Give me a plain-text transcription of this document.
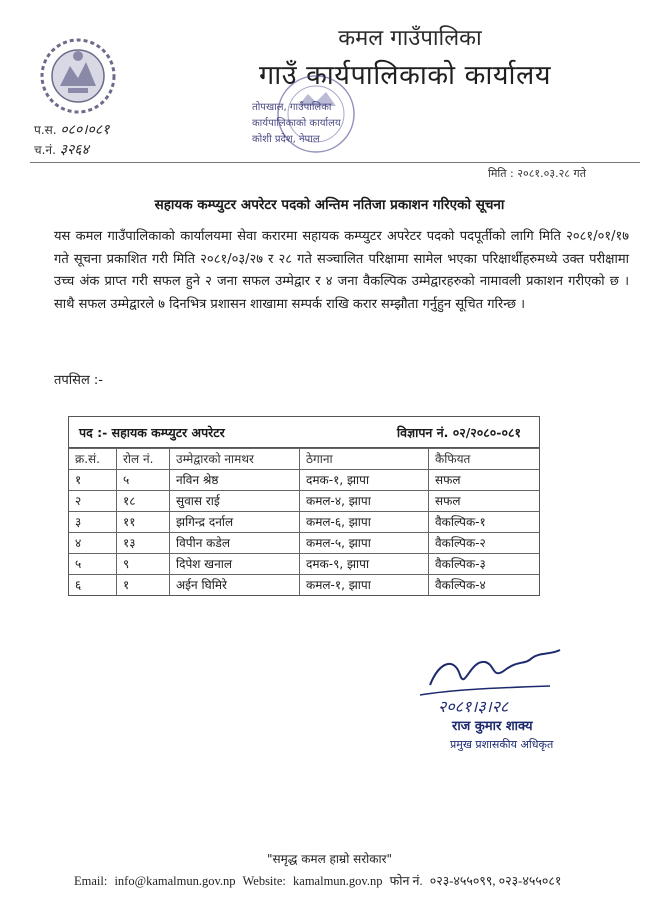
कमल गाउँपालिका
गाउँ कार्यपालिकाको कार्यालय
तोपखाल, गाउँपालिका
कार्यपालिकाको कार्यालय
कोशी प्रदेश, नेपाल
प.स. ०८०।०८१
च.नं. ३२६४
मिति : २०८१.०३.२८ गते
सहायक कम्प्युटर अपरेटर पदको अन्तिम नतिजा प्रकाशन गरिएको सूचना
यस कमल गाउँपालिकाको कार्यालयमा सेवा करारमा सहायक कम्प्युटर अपरेटर पदको पदपूर्तीको लागि मिति २०८१/०१/१७ गते सूचना प्रकाशित गरी मिति २०८१/०३/२७ र २८ गते सञ्चालित परिक्षामा सामेल भएका परिक्षार्थीहरुमध्ये उक्त परीक्षामा उच्च अंक प्राप्त गरी सफल हुने २ जना सफल उम्मेद्वार र ४ जना वैकल्पिक उम्मेद्वारहरुको नामावली प्रकाशन गरीएको छ । साथै सफल उम्मेद्वारले ७ दिनभित्र प्रशासन शाखामा सम्पर्क राखि करार सम्झौता गर्नुहुन सूचित गरिन्छ ।
तपसिल :-
पद :- सहायक कम्प्युटर अपरेटर	विज्ञापन नं. ०२/२०८०-०८१
क्र.सं.	रोल नं.	उम्मेद्वारको नामथर	ठेगाना	कैफियत
१	५	नविन श्रेष्ठ	दमक-१, झापा	सफल
२	१८	सुवास राई	कमल-४, झापा	सफल
३	११	झगिन्द्र दर्नाल	कमल-६, झापा	वैकल्पिक-१
४	१३	विपीन कडेल	कमल-५, झापा	वैकल्पिक-२
५	९	दिपेश खनाल	दमक-९, झापा	वैकल्पिक-३
६	१	अईन घिमिरे	कमल-१, झापा	वैकल्पिक-४
२०८१।३।२८
राज कुमार शाक्य
प्रमुख प्रशासकीय अधिकृत
"समृद्ध कमल हाम्रो सरोकार"
Email: info@kamalmun.gov.np Website: kamalmun.gov.np फोन नं. ०२३-४५५०९९, ०२३-४५५०८१
